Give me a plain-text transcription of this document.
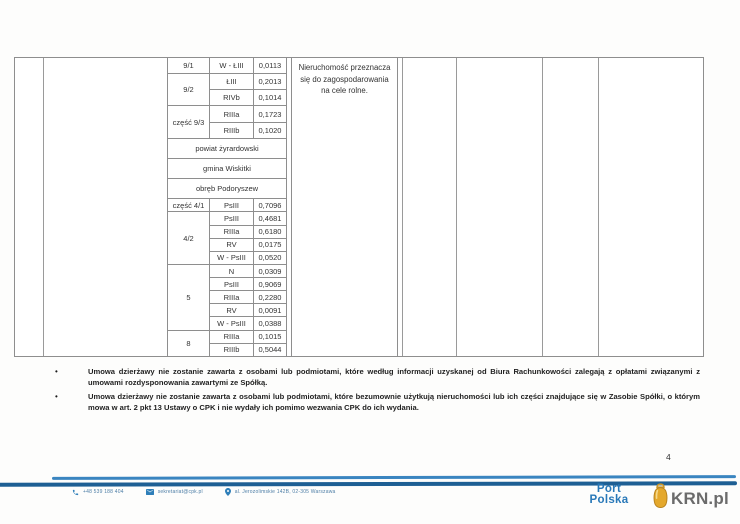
9/1	W - ŁIII	0,0113
9/2	ŁIII	0,2013
	RIVb	0,1014
część 9/3	RIIIa	0,1723
	RIIIb	0,1020
powiat żyrardowski		
gmina Wiskitki		
obręb Podoryszew		
część 4/1	PsIII	0,7096
4/2	PsIII	0,4681
	RIIIa	0,6180
	RV	0,0175
	W - PsIII	0,0520
5	N	0,0309
	PsIII	0,9069
	RIIIa	0,2280
	RV	0,0091
	W - PsIII	0,0388
8	RIIIa	0,1015
	RIIIb	0,5044
Nieruchomość przeznacza się do zagospodarowania na cele rolne.
•	Umowa dzierżawy nie zostanie zawarta z osobami lub podmiotami, które według informacji uzyskanej od Biura Rachunkowości zalegają z opłatami związanymi z umowami rozdysponowania zawartymi ze Spółką.
•	Umowa dzierżawy nie zostanie zawarta z osobami lub podmiotami, które bezumownie użytkują nieruchomości lub ich części znajdujące się w Zasobie Spółki, o którym mowa w art. 2 pkt 13 Ustawy o CPK i nie wydały ich pomimo wezwania CPK do ich wydania.
4
+48 539 188 404	sekretariat@cpk.pl	al. Jerozolimskie 142B, 02-305 Warszawa	Port
Polska	KRN.pl
